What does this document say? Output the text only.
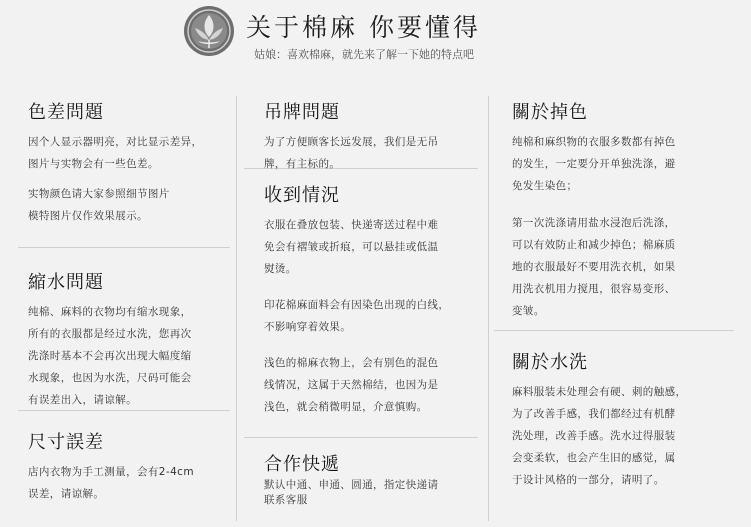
关于棉麻 你要懂得
姑娘：喜欢棉麻，就先来了解一下她的特点吧
色差問題

因个人显示器明亮，对比显示差异，
图片与实物会有一些色差。

实物颜色请大家参照细节图片
模特图片仅作效果展示。

縮水問題

纯棉、麻料的衣物均有缩水现象，
所有的衣服都是经过水洗，您再次
洗涤时基本不会再次出现大幅度缩
水现象，也因为水洗，尺码可能会
有误差出入，请谅解。

尺寸誤差

店内衣物为手工测量，会有2-4cm
误差，请谅解。

吊牌問題

为了方便顾客长远发展，我们是无吊
牌，有主标的。

收到情況

衣服在叠放包装、快递寄送过程中难
免会有褶皱或折痕，可以悬挂或低温
熨烫。

印花棉麻面料会有因染色出现的白线，
不影响穿着效果。

浅色的棉麻衣物上，会有别色的混色
线情况，这属于天然棉结，也因为是
浅色，就会稍微明显，介意慎购。

合作快遞

默认中通、申通、圆通，指定快递请
联系客服

關於掉色

纯棉和麻织物的衣服多数都有掉色
的发生，一定要分开单独洗涤，避
免发生染色；

第一次洗涤请用盐水浸泡后洗涤，
可以有效防止和减少掉色；棉麻质
地的衣服最好不要用洗衣机，如果
用洗衣机用力搅甩，很容易变形、
变皱。

關於水洗

麻料服装未处理会有硬、刺的触感，
为了改善手感，我们都经过有机酵
洗处理，改善手感。洗水过得服装
会变柔软，也会产生旧的感觉，属
于设计风格的一部分，请明了。
